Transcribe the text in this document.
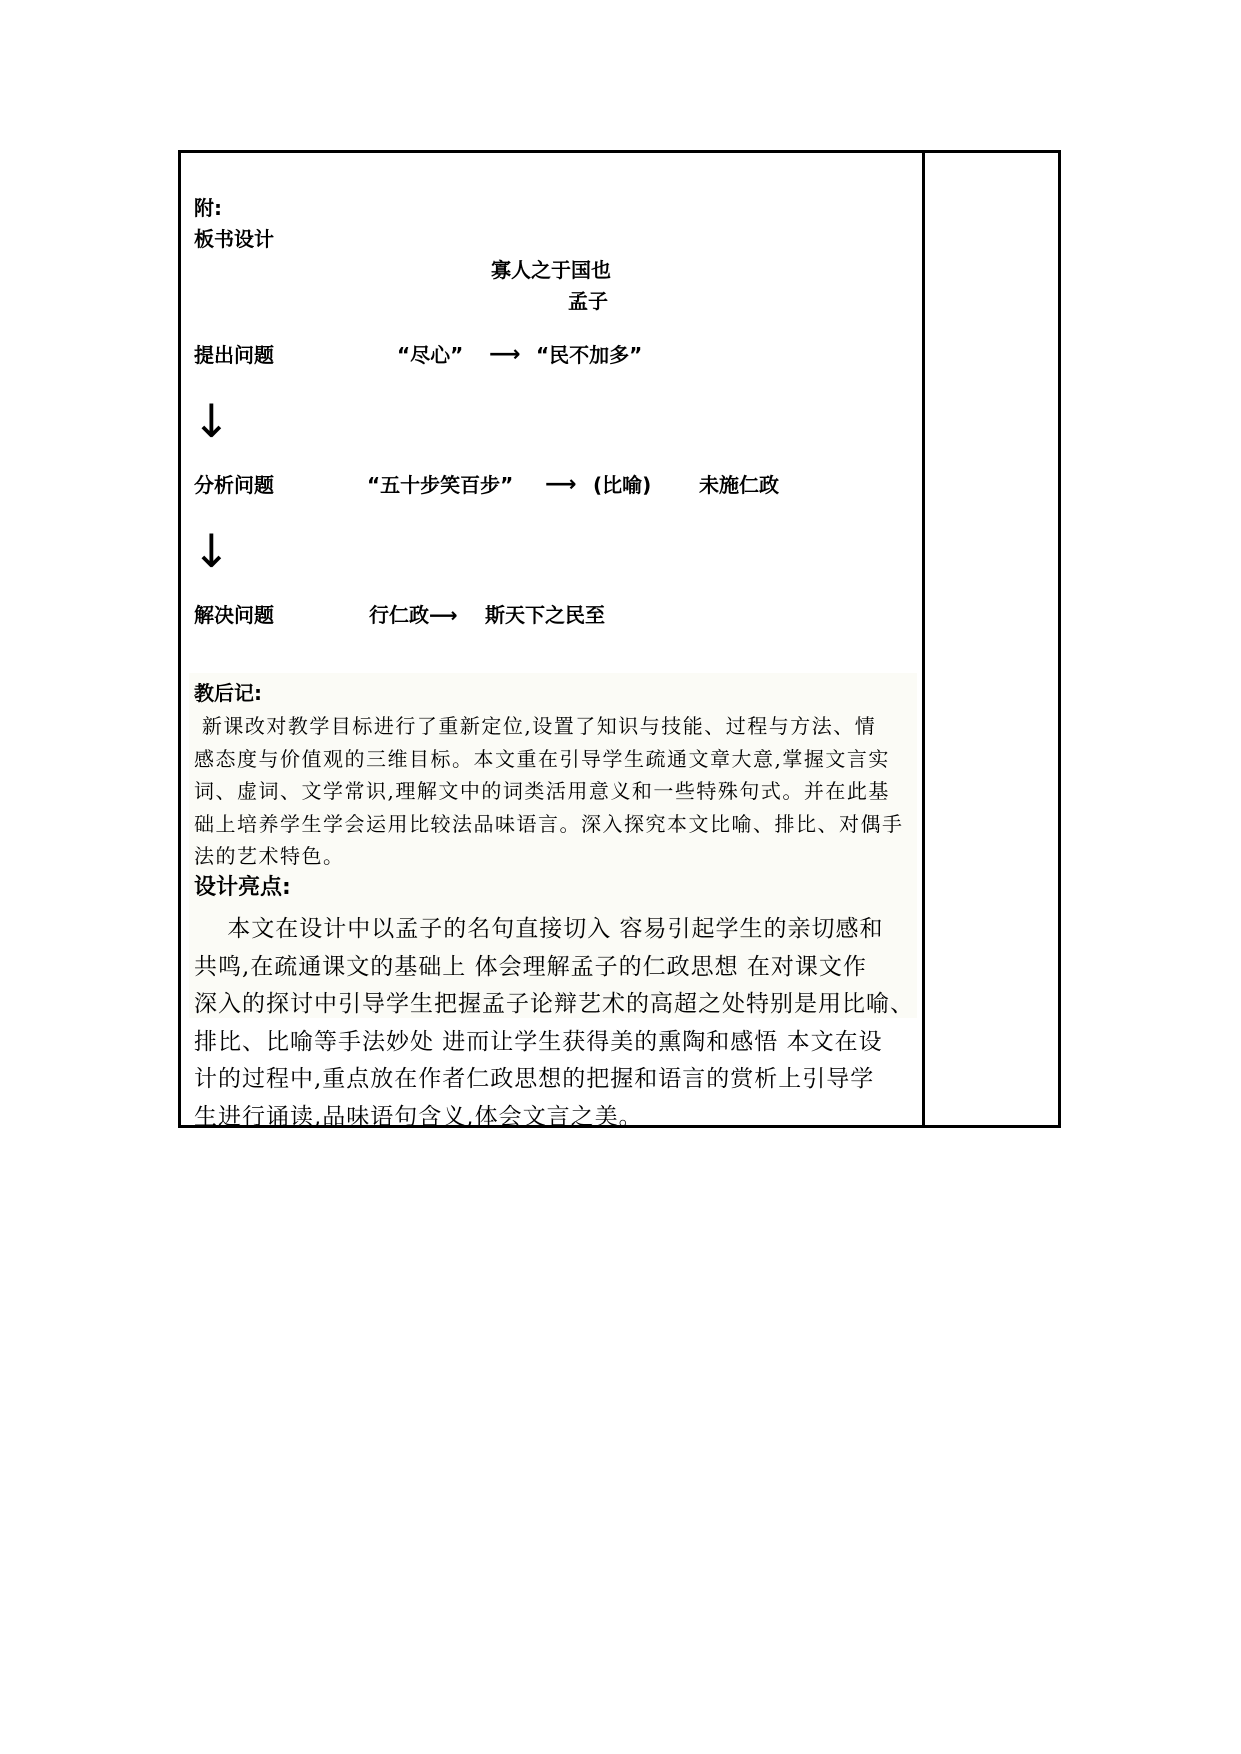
附:
板书设计
寡人之于国也
孟子
提出问题	“尽心” ⟶ “民不加多”
↓
分析问题	“五十步笑百步” ⟶ (比喻) 未施仁政
↓
解决问题	行仁政⟶ 斯天下之民至
教后记:
新课改对教学目标进行了重新定位,设置了知识与技能、过程与方法、情
感态度与价值观的三维目标。本文重在引导学生疏通文章大意,掌握文言实
词、虚词、文学常识,理解文中的词类活用意义和一些特殊句式。并在此基
础上培养学生学会运用比较法品味语言。深入探究本文比喻、排比、对偶手
法的艺术特色。
设计亮点:
本文在设计中以孟子的名句直接切入 容易引起学生的亲切感和
共鸣,在疏通课文的基础上 体会理解孟子的仁政思想 在对课文作
深入的探讨中引导学生把握孟子论辩艺术的高超之处特别是用比喻、
排比、比喻等手法妙处 进而让学生获得美的熏陶和感悟 本文在设
计的过程中,重点放在作者仁政思想的把握和语言的赏析上引导学
生进行诵读,品味语句含义,体会文言之美。
